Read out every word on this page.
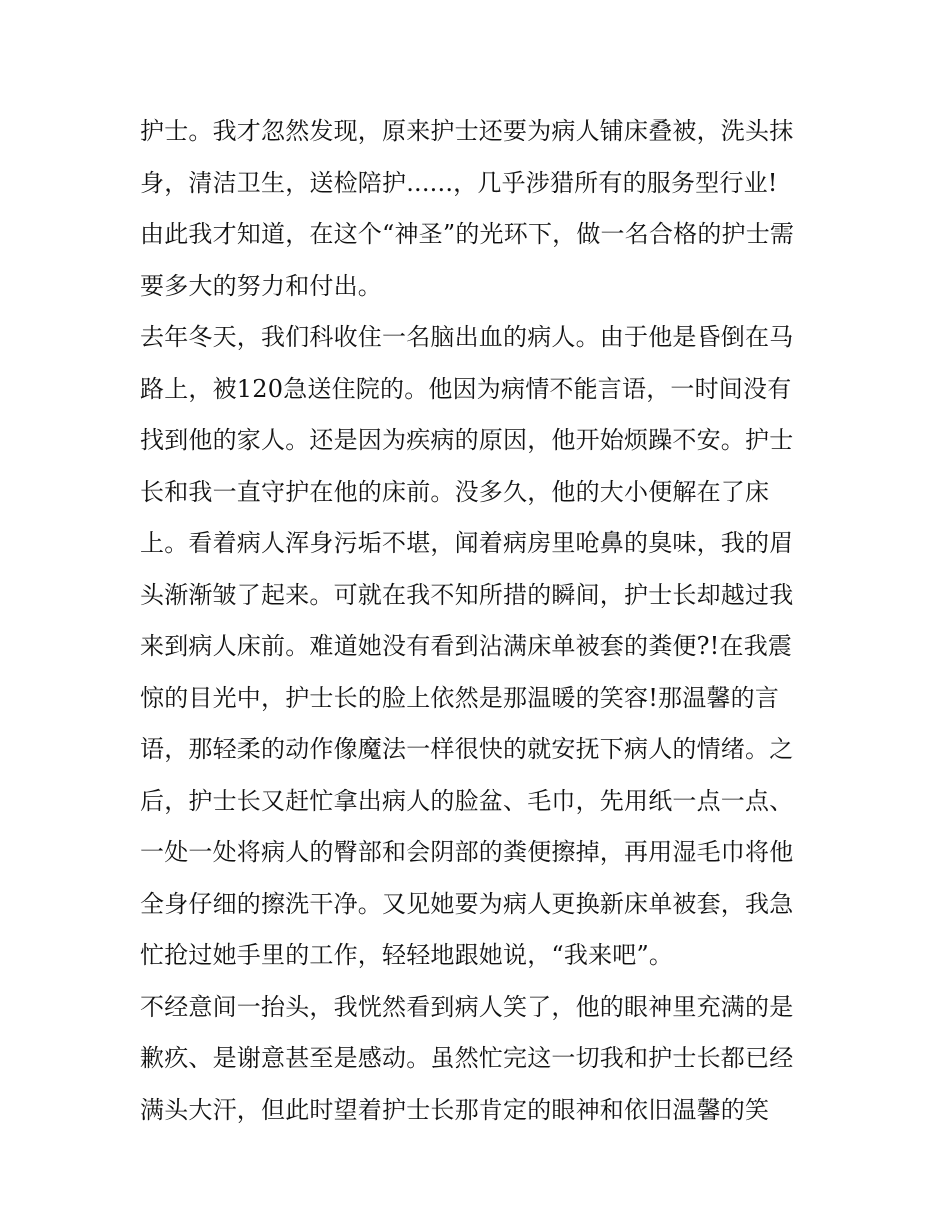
护士。我才忽然发现，原来护士还要为病人铺床叠被，洗头抹
身，清洁卫生，送检陪护......，几乎涉猎所有的服务型行业!
由此我才知道，在这个“神圣”的光环下，做一名合格的护士需
要多大的努力和付出。
去年冬天，我们科收住一名脑出血的病人。由于他是昏倒在马
路上，被120急送住院的。他因为病情不能言语，一时间没有
找到他的家人。还是因为疾病的原因，他开始烦躁不安。护士
长和我一直守护在他的床前。没多久，他的大小便解在了床
上。看着病人浑身污垢不堪，闻着病房里呛鼻的臭味，我的眉
头渐渐皱了起来。可就在我不知所措的瞬间，护士长却越过我
来到病人床前。难道她没有看到沾满床单被套的粪便?!在我震
惊的目光中，护士长的脸上依然是那温暖的笑容!那温馨的言
语，那轻柔的动作像魔法一样很快的就安抚下病人的情绪。之
后，护士长又赶忙拿出病人的脸盆、毛巾，先用纸一点一点、
一处一处将病人的臀部和会阴部的粪便擦掉，再用湿毛巾将他
全身仔细的擦洗干净。又见她要为病人更换新床单被套，我急
忙抢过她手里的工作，轻轻地跟她说，“我来吧”。
不经意间一抬头，我恍然看到病人笑了，他的眼神里充满的是
歉疚、是谢意甚至是感动。虽然忙完这一切我和护士长都已经
满头大汗，但此时望着护士长那肯定的眼神和依旧温馨的笑
